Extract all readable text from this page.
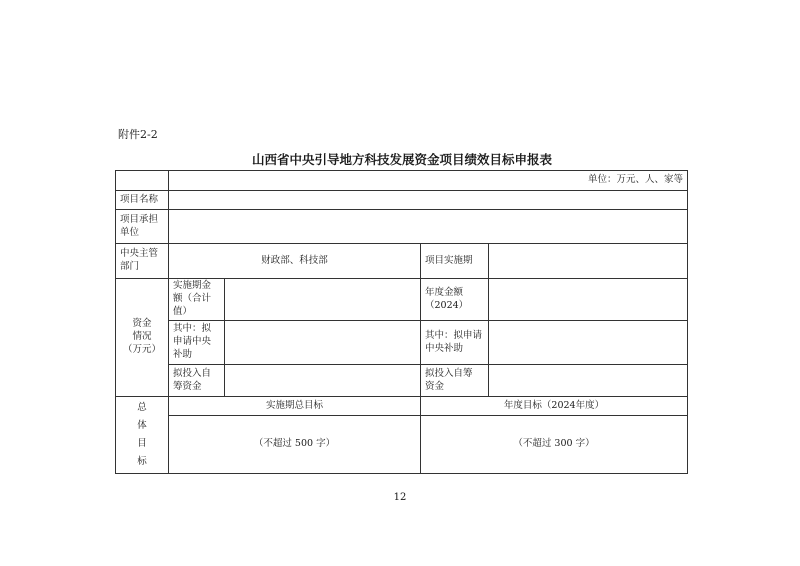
附件2-2
山西省中央引导地方科技发展资金项目绩效目标申报表
	单位：万元、人、家等			
项目名称				

项目承担
单位				

中央主管
部门	财政部、科技部		项目实施期	

资金
情况
（万元）	实施期金
额（合计
值）		年度金额
（2024）	

	其中：拟
申请中央
补助		其中：拟申请
中央补助	

	拟投入自
筹资金		拟投入自筹
资金	

总
体
目
标	实施期总目标		年度目标（2024年度）	
	（不超过 500 字）		（不超过 300 字）	
12
